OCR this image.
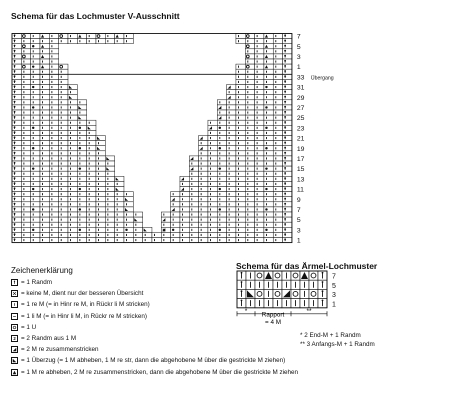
Schema für das Lochmuster V-Ausschnitt
7
5
3
1
33
31
29
27
25
23
21
19
17
15
13
11
9
7
5
3
1
Übergang
Schema für das Ärmel-Lochmuster
7
5
3
1
*	**
Rapport
= 4 M
Zeichenerklärung
= 1 Randm
= keine M, dient nur der besseren Übersicht
= 1 re M (= in Hinr re M, in Rückr li M stricken)
= 1 li M (= in Hinr li M, in Rückr re M stricken)
= 1 U
2 = 2 Randm aus 1 M
= 2 M re zusammenstricken
= 1 Überzug (= 1 M abheben, 1 M re str, dann die abgehobene M über die gestrickte M ziehen)
= 1 M re abheben, 2 M re zusammenstricken, dann die abgehobene M über die gestrickte M ziehen
* 2 End-M + 1 Randm
** 3 Anfangs-M + 1 Randm
